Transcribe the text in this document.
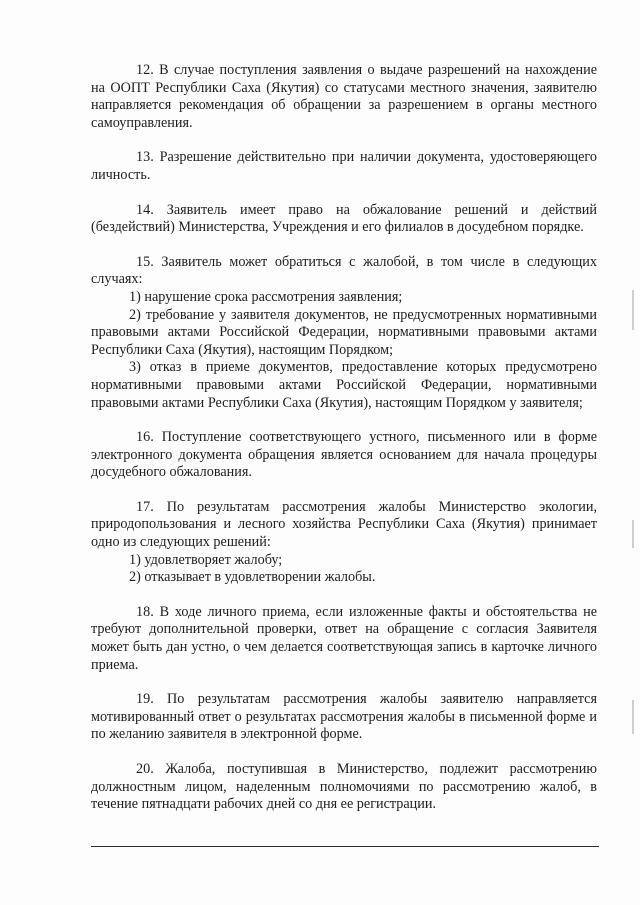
12. В случае поступления заявления о выдаче разрешений на нахождение на ООПТ Республики Саха (Якутия) со статусами местного значения, заявителю направляется рекомендация об обращении за разрешением в органы местного самоуправления.

13. Разрешение действительно при наличии документа, удостоверяющего личность.

14. Заявитель имеет право на обжалование решений и действий (бездействий) Министерства, Учреждения и его филиалов в досудебном порядке.

15. Заявитель может обратиться с жалобой, в том числе в следующих случаях:

1) нарушение срока рассмотрения заявления;

2) требование у заявителя документов, не предусмотренных нормативными правовыми актами Российской Федерации, нормативными правовыми актами Республики Саха (Якутия), настоящим Порядком;

3) отказ в приеме документов, предоставление которых предусмотрено нормативными правовыми актами Российской Федерации, нормативными правовыми актами Республики Саха (Якутия), настоящим Порядком у заявителя;

16. Поступление соответствующего устного, письменного или в форме электронного документа обращения является основанием для начала процедуры досудебного обжалования.

17. По результатам рассмотрения жалобы Министерство экологии, природопользования и лесного хозяйства Республики Саха (Якутия) принимает одно из следующих решений:

1) удовлетворяет жалобу;

2) отказывает в удовлетворении жалобы.

18. В ходе личного приема, если изложенные факты и обстоятельства не требуют дополнительной проверки, ответ на обращение с согласия Заявителя может быть дан устно, о чем делается соответствующая запись в карточке личного приема.

19. По результатам рассмотрения жалобы заявителю направляется мотивированный ответ о результатах рассмотрения жалобы в письменной форме и по желанию заявителя в электронной форме.

20. Жалоба, поступившая в Министерство, подлежит рассмотрению должностным лицом, наделенным полномочиями по рассмотрению жалоб, в течение пятнадцати рабочих дней со дня ее регистрации.
